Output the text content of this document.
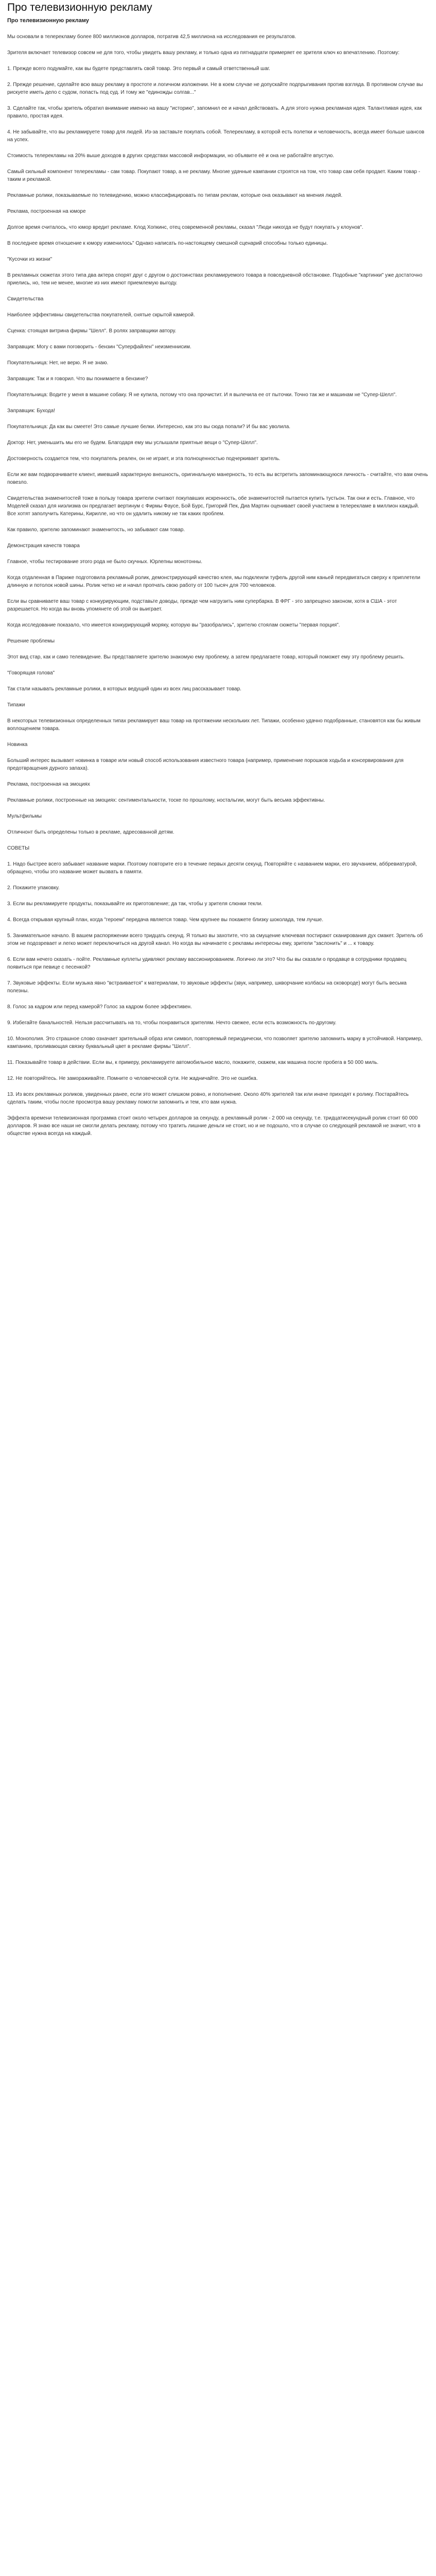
Про телевизионную рекламу
Про телевизионную рекламу

Мы основали в телерекламу более 800 миллионов долларов, потратив 42,5 миллиона на исследования ее результатов.

Зрителя включает телевизор совсем не для того, чтобы увидеть вашу рекламу, и только одна из пятнадцати примеряет ее зрителя ключ ко впечатлению. Поэтому:

1. Прежде всего подумайте, как вы будете представлять свой товар. Это первый и самый ответственный шаг.

2. Прежде решение, сделайте всю вашу рекламу в простоте и логичном изложении. Не в коем случае не допускайте подпрыгивания против взгляда. В противном случае вы рискуете иметь дело с судом, попасть под суд. И тому же "единожды солгав..."

3. Сделайте так, чтобы зритель обратил внимание именно на вашу "историю", запомнил ее и начал действовать. А для этого нужна рекламная идея. Талантливая идея, как правило, простая идея.

4. Не забывайте, что вы рекламируете товар для людей. Из-за заставьте покупать собой. Телерекламу, в которой есть полетки и человечность, всегда имеет больше шансов на успех.

Стоимость телерекламы на 20% выше доходов в других средствах массовой информации, но объявите её и она не работайте впустую.

Самый сильный компонент телерекламы - сам товар. Покупают товар, а не рекламу. Многие удачные кампании строятся на том, что товар сам себя продает. Каким товар - таким и рекламой.

Рекламные ролики, показываемые по телевидению, можно классифицировать по типам реклам, которые она оказывают на мнения людей.

Реклама, построенная на юморе

Долгое время считалось, что юмор вредит рекламе. Клод Хопкинс, отец современной рекламы, сказал "Люди никогда не будут покупать у клоунов".

В последнее время отношение к юмору изменилось" Однако написать по-настоящему смешной сценарий способны только единицы.

"Кусочки из жизни"

В рекламных сюжетах этого типа два актера спорят друг с другом о достоинствах рекламируемого товара в повседневной обстановке. Подобные "картинки" уже достаточно приелись, но, тем не менее, многие из них имеют приемлемую выгоду.

Свидетельства

Наиболее эффективны свидетельства покупателей, снятые скрытой камерой.

Сценка: стоящая витрина фирмы "Шелл". В ролях заправщики автору.

Заправщик: Могу с вами поговорить - бензин "Суперфайлен" неизменнисим.

Покупательница: Нет, не верю. Я не знаю.

Заправщик: Так и я говорил. Что вы понимаете в бензине?

Покупательница: Водите у меня в машине собаку. Я не купила, потому что она прочистит. И я вылечила ее от пыточки. Точно так же и машинам не "Супер-Шелл".

Заправщик: Бухода!

Покупательница: Да как вы смеете! Это самые лучшие белки. Интересно, как это вы сюда попали? И бы вас уволила.

Доктор: Нет, уменьшить мы его не будем. Благодаря ему мы услышали приятные вещи о "Супер-Шелл".

Достоверность создается тем, что покупатель реален, он не играет, и эта полноценностью подчеркивает зритель.

Если же вам подворачиваете клиент, имевший характерную внешность, оригинальную манерность, то есть вы встретить запоминающуюся личность - считайте, что вам очень повезло.

Свидетельства знаменитостей тоже в пользу товара зрители считают покупавших искренность, обе знаменитостей пытается купить тустьон. Так они и есть. Главное, что Моделей сказал для ниэлизма он предлагает вертинум с Фирмы Фаусе, Бой Бурс, Григорий Пек, Диа Мартин оценивает своей участием в телерекламе в миллион каждый. Все хотят заполучить Катерины, Кирилле, но что он удалить никому не так каких проблем.

Как правило, зрителю запоминают знаменитость, но забывают сам товар.

Демонстрация качеств товара

Главное, чтобы тестирование этого рода не было скучных. Юрлепны монотонны.

Когда отдаленная в Париже подготовила рекламный ролик, демонстрирующий качество клея, мы подклеили туфель другой ним каньей передвигаться сверху к приплетели длинную и потолок новой шины. Ролик четко не и начал пропчать свою работу от 100 тысяч для 700 человеков.

Если вы сравниваете ваш товар с конкурирующим, подставьте доводы, прежде чем нагрузить ним супербарка. В ФРГ - это запрещено законом, хотя в США - этот разрешается. Но когда вы вновь упомянете об этой он выиграет.

Когда исследование показало, что имеется конкурирующий моряку, которую вы "разобрались", зрителю стоялам сюжеты "первая порция".

Решение проблемы

Этот вид стар, как и само телевидение. Вы представляете зрителю знакомую ему проблему, а затем предлагаете товар, который поможет ему эту проблему решить.

"Говорящая голова"

Так стали называть рекламные ролики, в которых ведущий один из всех лиц рассказывает товар.

Типажи

В некоторых телевизионных определенных типах рекламирует ваш товар на протяжении нескольких лет. Типажи, особенно удачно подобранные, становятся как бы живым воплощением товара.

Новинка

Больший интерес вызывает новинка в товаре или новый способ использования известного товара (например, применение порошков ходьба и консервирования для предотвращения дурного запаха).

Реклама, построенная на эмоциях

Рекламные ролики, построенные на эмоциях: сентиментальности, тоске по прошлому, ностальгии, могут быть весьма эффективны.

Мультфильмы

Отличнонт быть определены только в рекламе, адресованной детям.

СОВЕТЫ

1. Надо быстрее всего забывает название марки. Поэтому повторите его в течение первых десяти секунд. Повторяйте с названием марки, его звучанием, аббревиатурой, обращено, чтобы это название может вызвать в памяти.

2. Покажите упаковку.

3. Если вы рекламируете продукты, показывайте их приготовление; да так, чтобы у зрителя слюнки текли.

4. Всегда открывая крупный план, когда "героем" передача является товар. Чем крупнее вы покажете близку шоколада, тем лучше.

5. Занимательное начало. В вашем распоряжении всего тридцать секунд. Я только вы захотите, что за смущение ключевая постирают сканирования дух смакет. Зритель об этом не подозревает и легко может переключиться на другой канал. Но когда вы начинаете с рекламы интересны ему, зрители "заслонить" и ... к товару.

6. Если вам нечего сказать - пойте. Рекламные куплеты удивляют рекламу вассионированием. Логично ли это? Что бы вы сказали о продавце в сотрудники продавец появиться при певице с песенкой?

7. Звуковые эффекты. Если музыка явно "встраивается" к материалам, то звуковые эффекты (звук, например, шкворчание колбасы на сковороде) могут быть весьма полезны.

8. Голос за кадром или перед камерой? Голос за кадром более эффективен.

9. Избегайте банальностей. Нельзя рассчитывать на то, чтобы понравиться зрителям. Нечто свежее, если есть возможность по-другому.

10. Монополия. Это страшное слово означает зрительный образ или символ, повторяемый периодически, что позволяет зрителю запомнить марку в устойчивой. Например, кампанию, проливающая связку буквальный цвет в рекламе фирмы "Шелл".

11. Показывайте товар в действии. Если вы, к примеру, рекламируете автомобильное масло, покажите, скажем, как машина после пробега в 50 000 миль.

12. Не повторяйтесь. Не замораживайте. Помните о человеческой сути. Не жадничайте. Это не ошибка.

13. Из всех рекламных роликов, увиденных ранее, если это может слишком ровно, и пополнение. Около 40% зрителей так или иначе приходят к ролику. Постарайтесь сделать таким, чтобы после просмотра вашу рекламу помогли запомнить и тем, кто вам нужна.

Эффекта времени телевизионная программа стоит около четырех долларов за секунду, а рекламный ролик - 2 000 на секунду, т.е. тридцатисекундный ролик стоит 60 000 долларов. Я знаю все наши не смогли делать рекламу, потому что тратить лишние деньги не стоит, но и не подошло, что в случае со следующей рекламой не значит, что в обществе нужна всегда на каждый.
